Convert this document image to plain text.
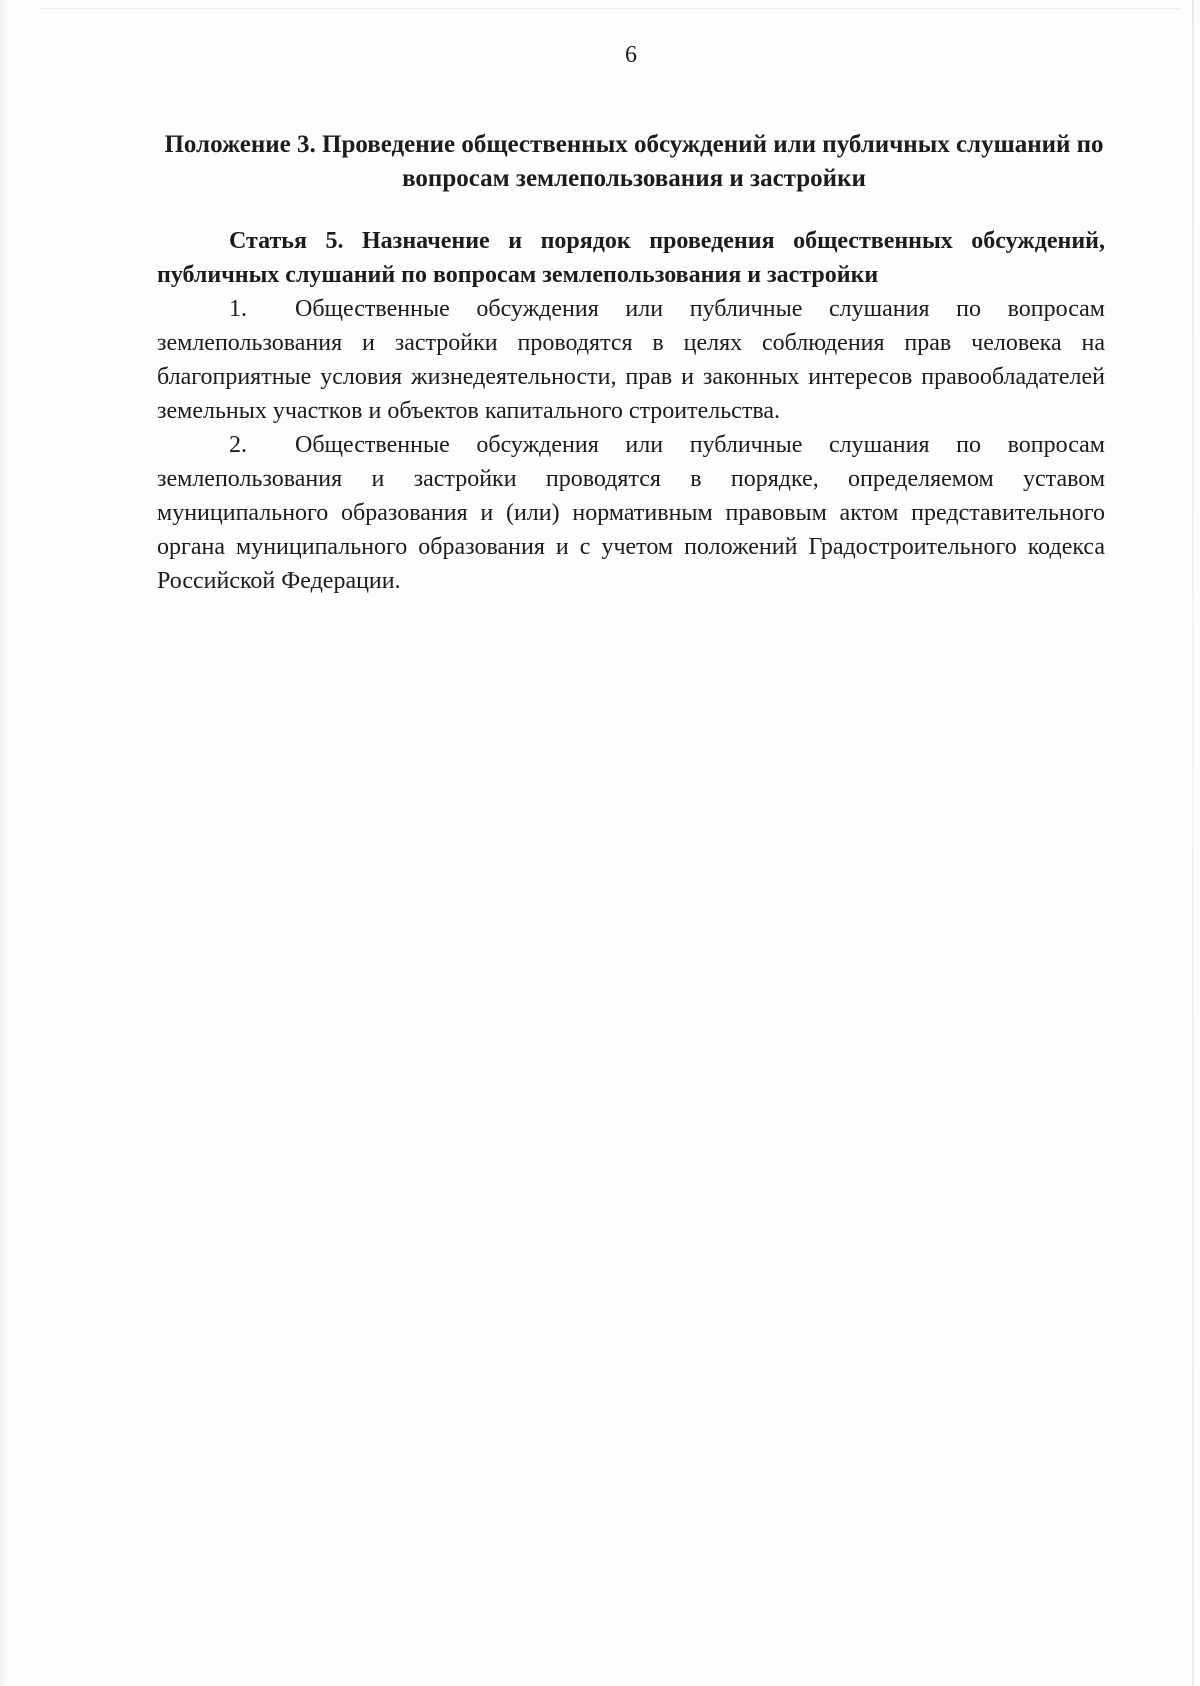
6
Положение 3. Проведение общественных обсуждений или публичных слушаний по вопросам землепользования и застройки
Статья 5. Назначение и порядок проведения общественных обсуждений, публичных слушаний по вопросам землепользования и застройки
1. Общественные обсуждения или публичные слушания по вопросам землепользования и застройки проводятся в целях соблюдения прав человека на благоприятные условия жизнедеятельности, прав и законных интересов правообладателей земельных участков и объектов капитального строительства.
2. Общественные обсуждения или публичные слушания по вопросам землепользования и застройки проводятся в порядке, определяемом уставом муниципального образования и (или) нормативным правовым актом представительного органа муниципального образования и с учетом положений Градостроительного кодекса Российской Федерации.
